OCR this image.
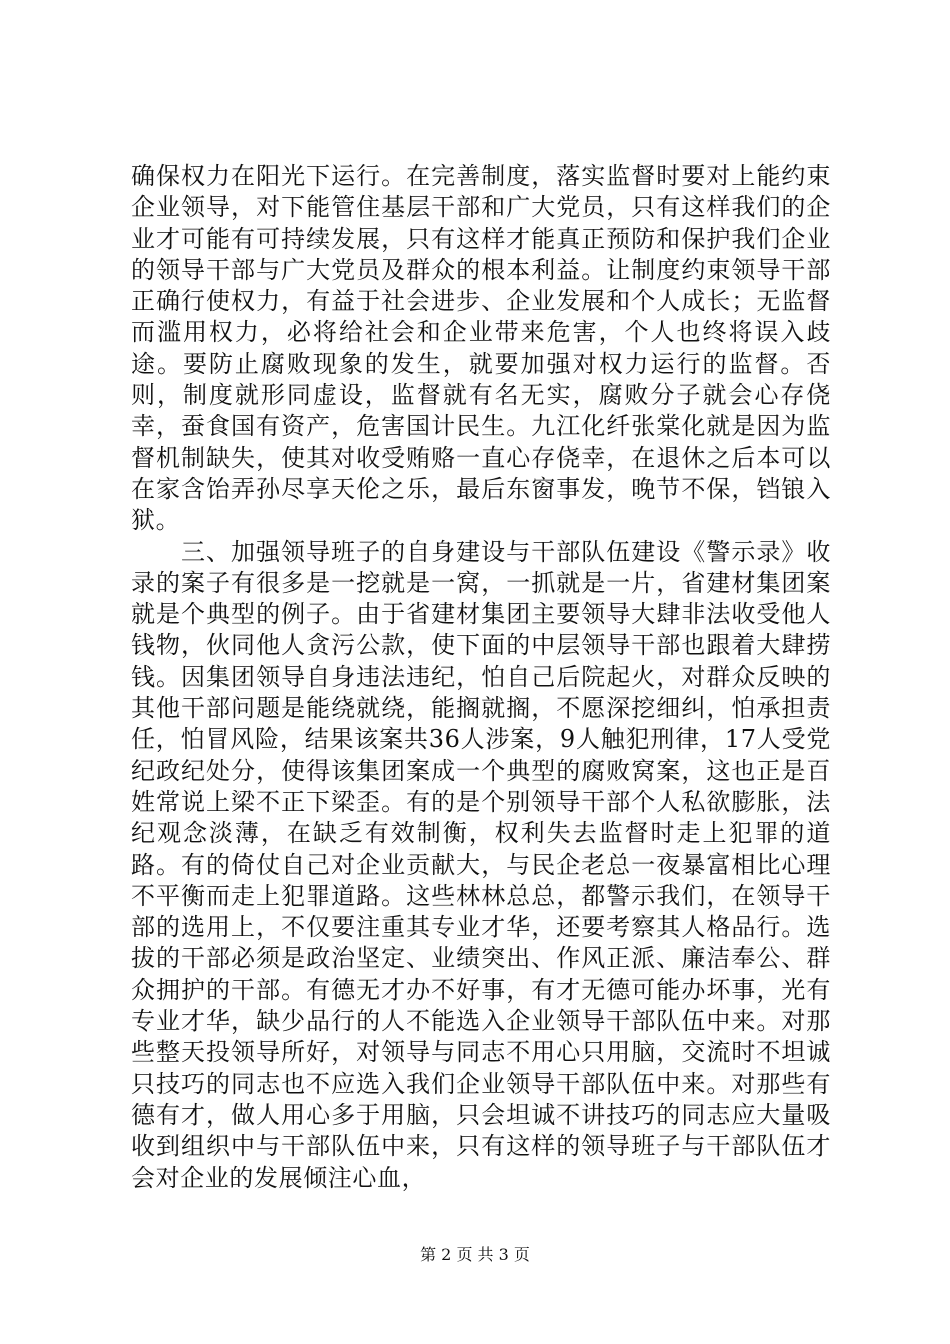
确保权力在阳光下运行。在完善制度，落实监督时要对上能约束企业领导，对下能管住基层干部和广大党员，只有这样我们的企业才可能有可持续发展，只有这样才能真正预防和保护我们企业的领导干部与广大党员及群众的根本利益。让制度约束领导干部正确行使权力，有益于社会进步、企业发展和个人成长；无监督而滥用权力，必将给社会和企业带来危害，个人也终将误入歧途。要防止腐败现象的发生，就要加强对权力运行的监督。否则，制度就形同虚设，监督就有名无实，腐败分子就会心存侥幸，蚕食国有资产，危害国计民生。九江化纤张棠化就是因为监督机制缺失，使其对收受贿赂一直心存侥幸，在退休之后本可以在家含饴弄孙尽享天伦之乐，最后东窗事发，晚节不保，铛锒入狱。

三、加强领导班子的自身建设与干部队伍建设《警示录》收录的案子有很多是一挖就是一窝，一抓就是一片，省建材集团案就是个典型的例子。由于省建材集团主要领导大肆非法收受他人钱物，伙同他人贪污公款，使下面的中层领导干部也跟着大肆捞钱。因集团领导自身违法违纪，怕自己后院起火，对群众反映的其他干部问题是能绕就绕，能搁就搁，不愿深挖细纠，怕承担责任，怕冒风险，结果该案共36人涉案，9人触犯刑律，17人受党纪政纪处分，使得该集团案成一个典型的腐败窝案，这也正是百姓常说上梁不正下梁歪。有的是个别领导干部个人私欲膨胀，法纪观念淡薄，在缺乏有效制衡，权利失去监督时走上犯罪的道路。有的倚仗自己对企业贡献大，与民企老总一夜暴富相比心理不平衡而走上犯罪道路。这些林林总总，都警示我们，在领导干部的选用上，不仅要注重其专业才华，还要考察其人格品行。选拔的干部必须是政治坚定、业绩突出、作风正派、廉洁奉公、群众拥护的干部。有德无才办不好事，有才无德可能办坏事，光有专业才华，缺少品行的人不能选入企业领导干部队伍中来。对那些整天投领导所好，对领导与同志不用心只用脑，交流时不坦诚只技巧的同志也不应选入我们企业领导干部队伍中来。对那些有德有才，做人用心多于用脑，只会坦诚不讲技巧的同志应大量吸收到组织中与干部队伍中来，只有这样的领导班子与干部队伍才会对企业的发展倾注心血，

第 2 页 共 3 页
